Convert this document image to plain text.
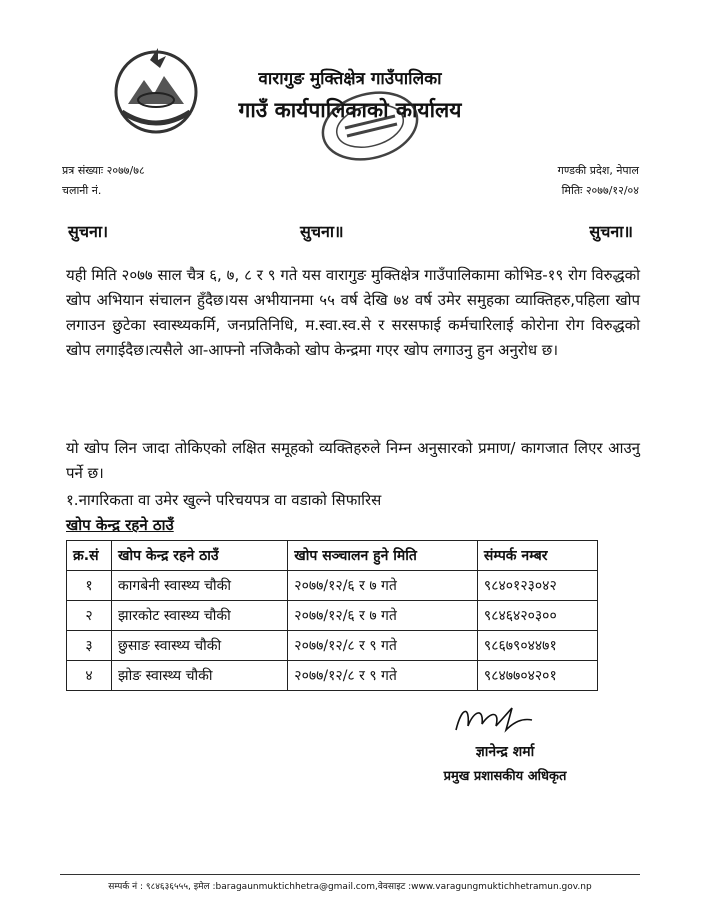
वारागुङ मुक्तिक्षेत्र गाउँपालिका
गाउँ कार्यपालिकाको कार्यालय
प्रत्र संख्याः २०७७/७८
चलानी नं.
गण्डकी प्रदेश, नेपाल
मितिः २०७७/१२/०४
सुचना।	सुचना॥	सुचना॥
यही मिति २०७७ साल चैत्र ६, ७, ८ र ९ गते यस वारागुङ मुक्तिक्षेत्र गाउँपालिकामा कोभिड-१९ रोग विरुद्धको खोप अभियान संचालन हुँदैछ।यस अभीयानमा ५५ वर्ष देखि ७४ वर्ष उमेर समुहका व्याक्तिहरु,पहिला खोप लगाउन छुटेका स्वास्थ्यकर्मि, जनप्रतिनिधि, म.स्वा.स्व.से र सरसफाई कर्मचारिलाई कोरोना रोग विरुद्धको खोप लगाईदैछ।त्यसैले आ-आफ्नो नजिकैको खोप केन्द्रमा गएर खोप लगाउनु हुन अनुरोध छ।
यो खोप लिन जादा तोकिएको लक्षित समूहको व्यक्तिहरुले निम्न अनुसारको प्रमाण/ कागजात लिएर आउनु पर्ने छ।
१.नागरिकता वा उमेर खुल्ने परिचयपत्र वा वडाको सिफारिस
खोप केन्द्र रहने ठाउँ
क्र.सं	खोप केन्द्र रहने ठाउँ	खोप सञ्चालन हुने मिति	संम्पर्क नम्बर
१	कागबेनी स्वास्थ्य चौकी	२०७७/१२/६ र ७ गते	९८४०१२३०४२
२	झारकोट स्वास्थ्य चौकी	२०७७/१२/६ र ७ गते	९८४६४२०३००
३	छुसाङ स्वास्थ्य चौकी	२०७७/१२/८ र ९ गते	९८६७९०४४७१
४	झोङ स्वास्थ्य चौकी	२०७७/१२/८ र ९ गते	९८४७७०४२०१
ज्ञानेन्द्र शर्मा
प्रमुख प्रशासकीय अधिकृत
सम्पर्क नं : ९८४६३६५५५, इमेल :baragaunmuktichhetra@gmail.com,वेवसाइट :www.varagungmuktichhetramun.gov.np
